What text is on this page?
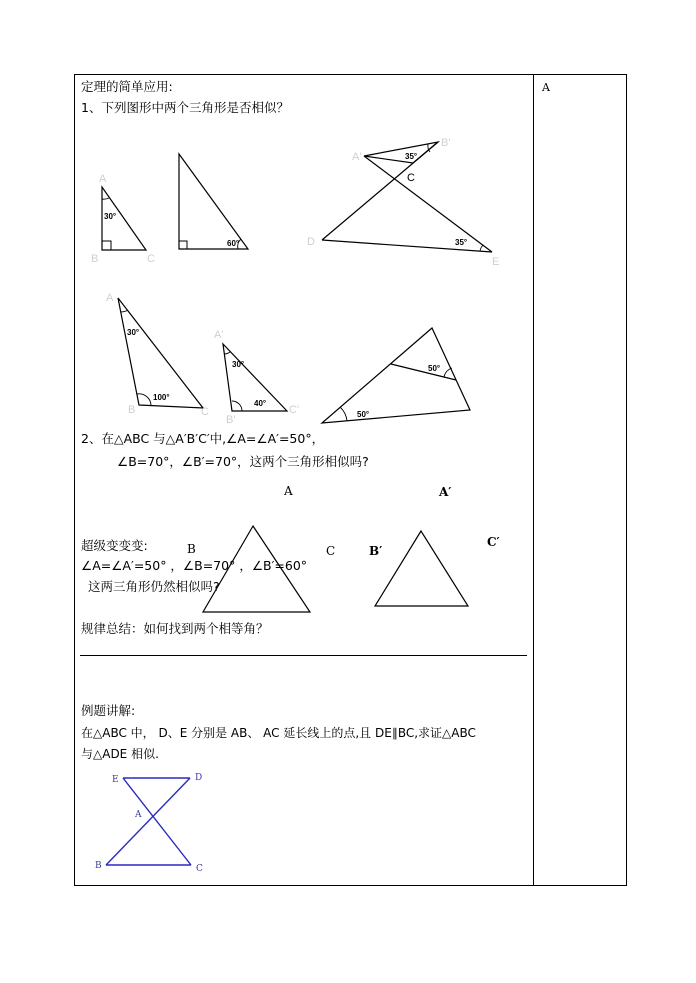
A
定理的简单应用:
1、下列图形中两个三角形是否相似？
A
B	C
30°
60°
A'
B'
C
D
E
35°
35°
A
B	C
30°
100°
A'
B'
C'
30°
40°
50°
50°
A
B	C
A′
B′
C′
E	D
A
B	C
2、在△ABC 与△A′B′C′中,∠A=∠A′=50°，
∠B=70°，∠B′=70°，这两个三角形相似吗?
超级变变变:
∠A=∠A′=50° ，∠B=70° ，∠B′=60°
这两三角形仍然相似吗?
规律总结：如何找到两个相等角？
例题讲解:
在△ABC 中， D、E 分别是 AB、 AC 延长线上的点,且 DE∥BC,求证△ABC
与△ADE 相似.
